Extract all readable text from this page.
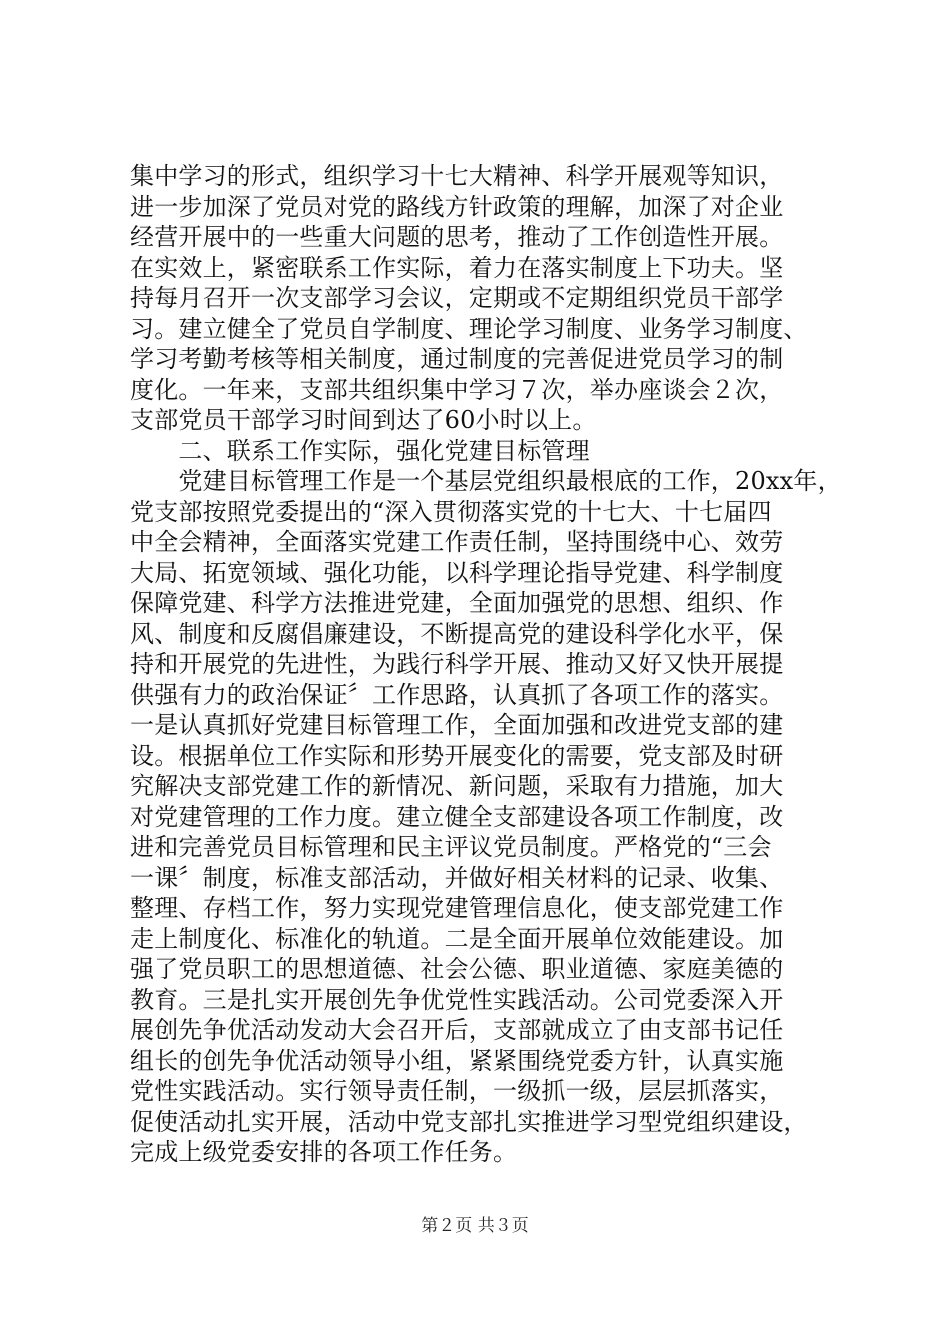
集中学习的形式，组织学习十七大精神、科学开展观等知识，
进一步加深了党员对党的路线方针政策的理解，加深了对企业
经营开展中的一些重大问题的思考，推动了工作创造性开展。
在实效上，紧密联系工作实际，着力在落实制度上下功夫。坚
持每月召开一次支部学习会议，定期或不定期组织党员干部学
习。建立健全了党员自学制度、理论学习制度、业务学习制度、
学习考勤考核等相关制度，通过制度的完善促进党员学习的制
度化。一年来，支部共组织集中学习７次，举办座谈会２次，
支部党员干部学习时间到达了60小时以上。
　　二、联系工作实际，强化党建目标管理
　　党建目标管理工作是一个基层党组织最根底的工作，20xx年，
党支部按照党委提出的“深入贯彻落实党的十七大、十七届四
中全会精神，全面落实党建工作责任制，坚持围绕中心、效劳
大局、拓宽领域、强化功能，以科学理论指导党建、科学制度
保障党建、科学方法推进党建，全面加强党的思想、组织、作
风、制度和反腐倡廉建设，不断提高党的建设科学化水平，保
持和开展党的先进性，为践行科学开展、推动又好又快开展提
供强有力的政治保证〞工作思路，认真抓了各项工作的落实。
一是认真抓好党建目标管理工作，全面加强和改进党支部的建
设。根据单位工作实际和形势开展变化的需要，党支部及时研
究解决支部党建工作的新情况、新问题，采取有力措施，加大
对党建管理的工作力度。建立健全支部建设各项工作制度，改
进和完善党员目标管理和民主评议党员制度。严格党的“三会
一课〞制度，标准支部活动，并做好相关材料的记录、收集、
整理、存档工作，努力实现党建管理信息化，使支部党建工作
走上制度化、标准化的轨道。二是全面开展单位效能建设。加
强了党员职工的思想道德、社会公德、职业道德、家庭美德的
教育。三是扎实开展创先争优党性实践活动。公司党委深入开
展创先争优活动发动大会召开后，支部就成立了由支部书记任
组长的创先争优活动领导小组，紧紧围绕党委方针，认真实施
党性实践活动。实行领导责任制，一级抓一级，层层抓落实，
促使活动扎实开展，活动中党支部扎实推进学习型党组织建设，
完成上级党委安排的各项工作任务。
第２页 共３页
